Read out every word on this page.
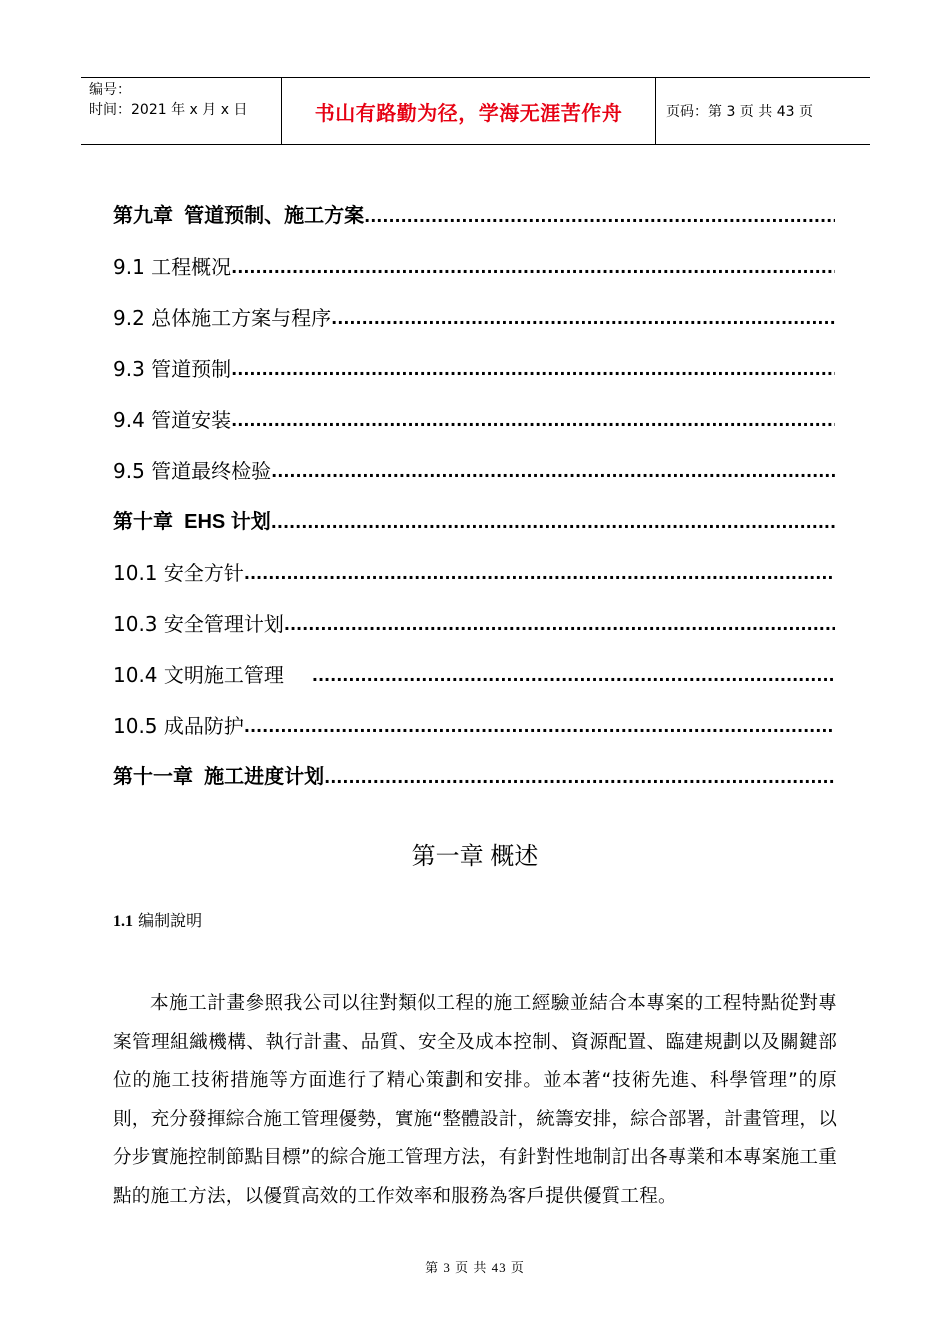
编号：
时间：2021 年 x 月 x 日	书山有路勤为径，学海无涯苦作舟	页码：第 3 页 共 43 页
第九章  管道预制、施工方案
.....
9.1 工程概况
.....
9.2 总体施工方案与程序
.....
9.3 管道预制
.....
9.4 管道安装
.....
9.5 管道最终检验
.....
第十章  EHS 计划
.....
10.1 安全方针
.....
10.3 安全管理计划
.....
10.4 文明施工管理
.....
10.5 成品防护
.....
第十一章  施工进度计划
.....
第一章 概述
1.1 编制說明
本施工計畫參照我公司以往對類似工程的施工經驗並結合本專案的工程特點從對專案管理組織機構、執行計畫、品質、安全及成本控制、資源配置、臨建規劃以及關鍵部位的施工技術措施等方面進行了精心策劃和安排。並本著“技術先進、科學管理”的原則，充分發揮綜合施工管理優勢，實施“整體設計，統籌安排，綜合部署，計畫管理，以分步實施控制節點目標”的綜合施工管理方法，有針對性地制訂出各專業和本專案施工重點的施工方法，以優質高效的工作效率和服務為客戶提供優質工程。
第 3 页 共 43 页
